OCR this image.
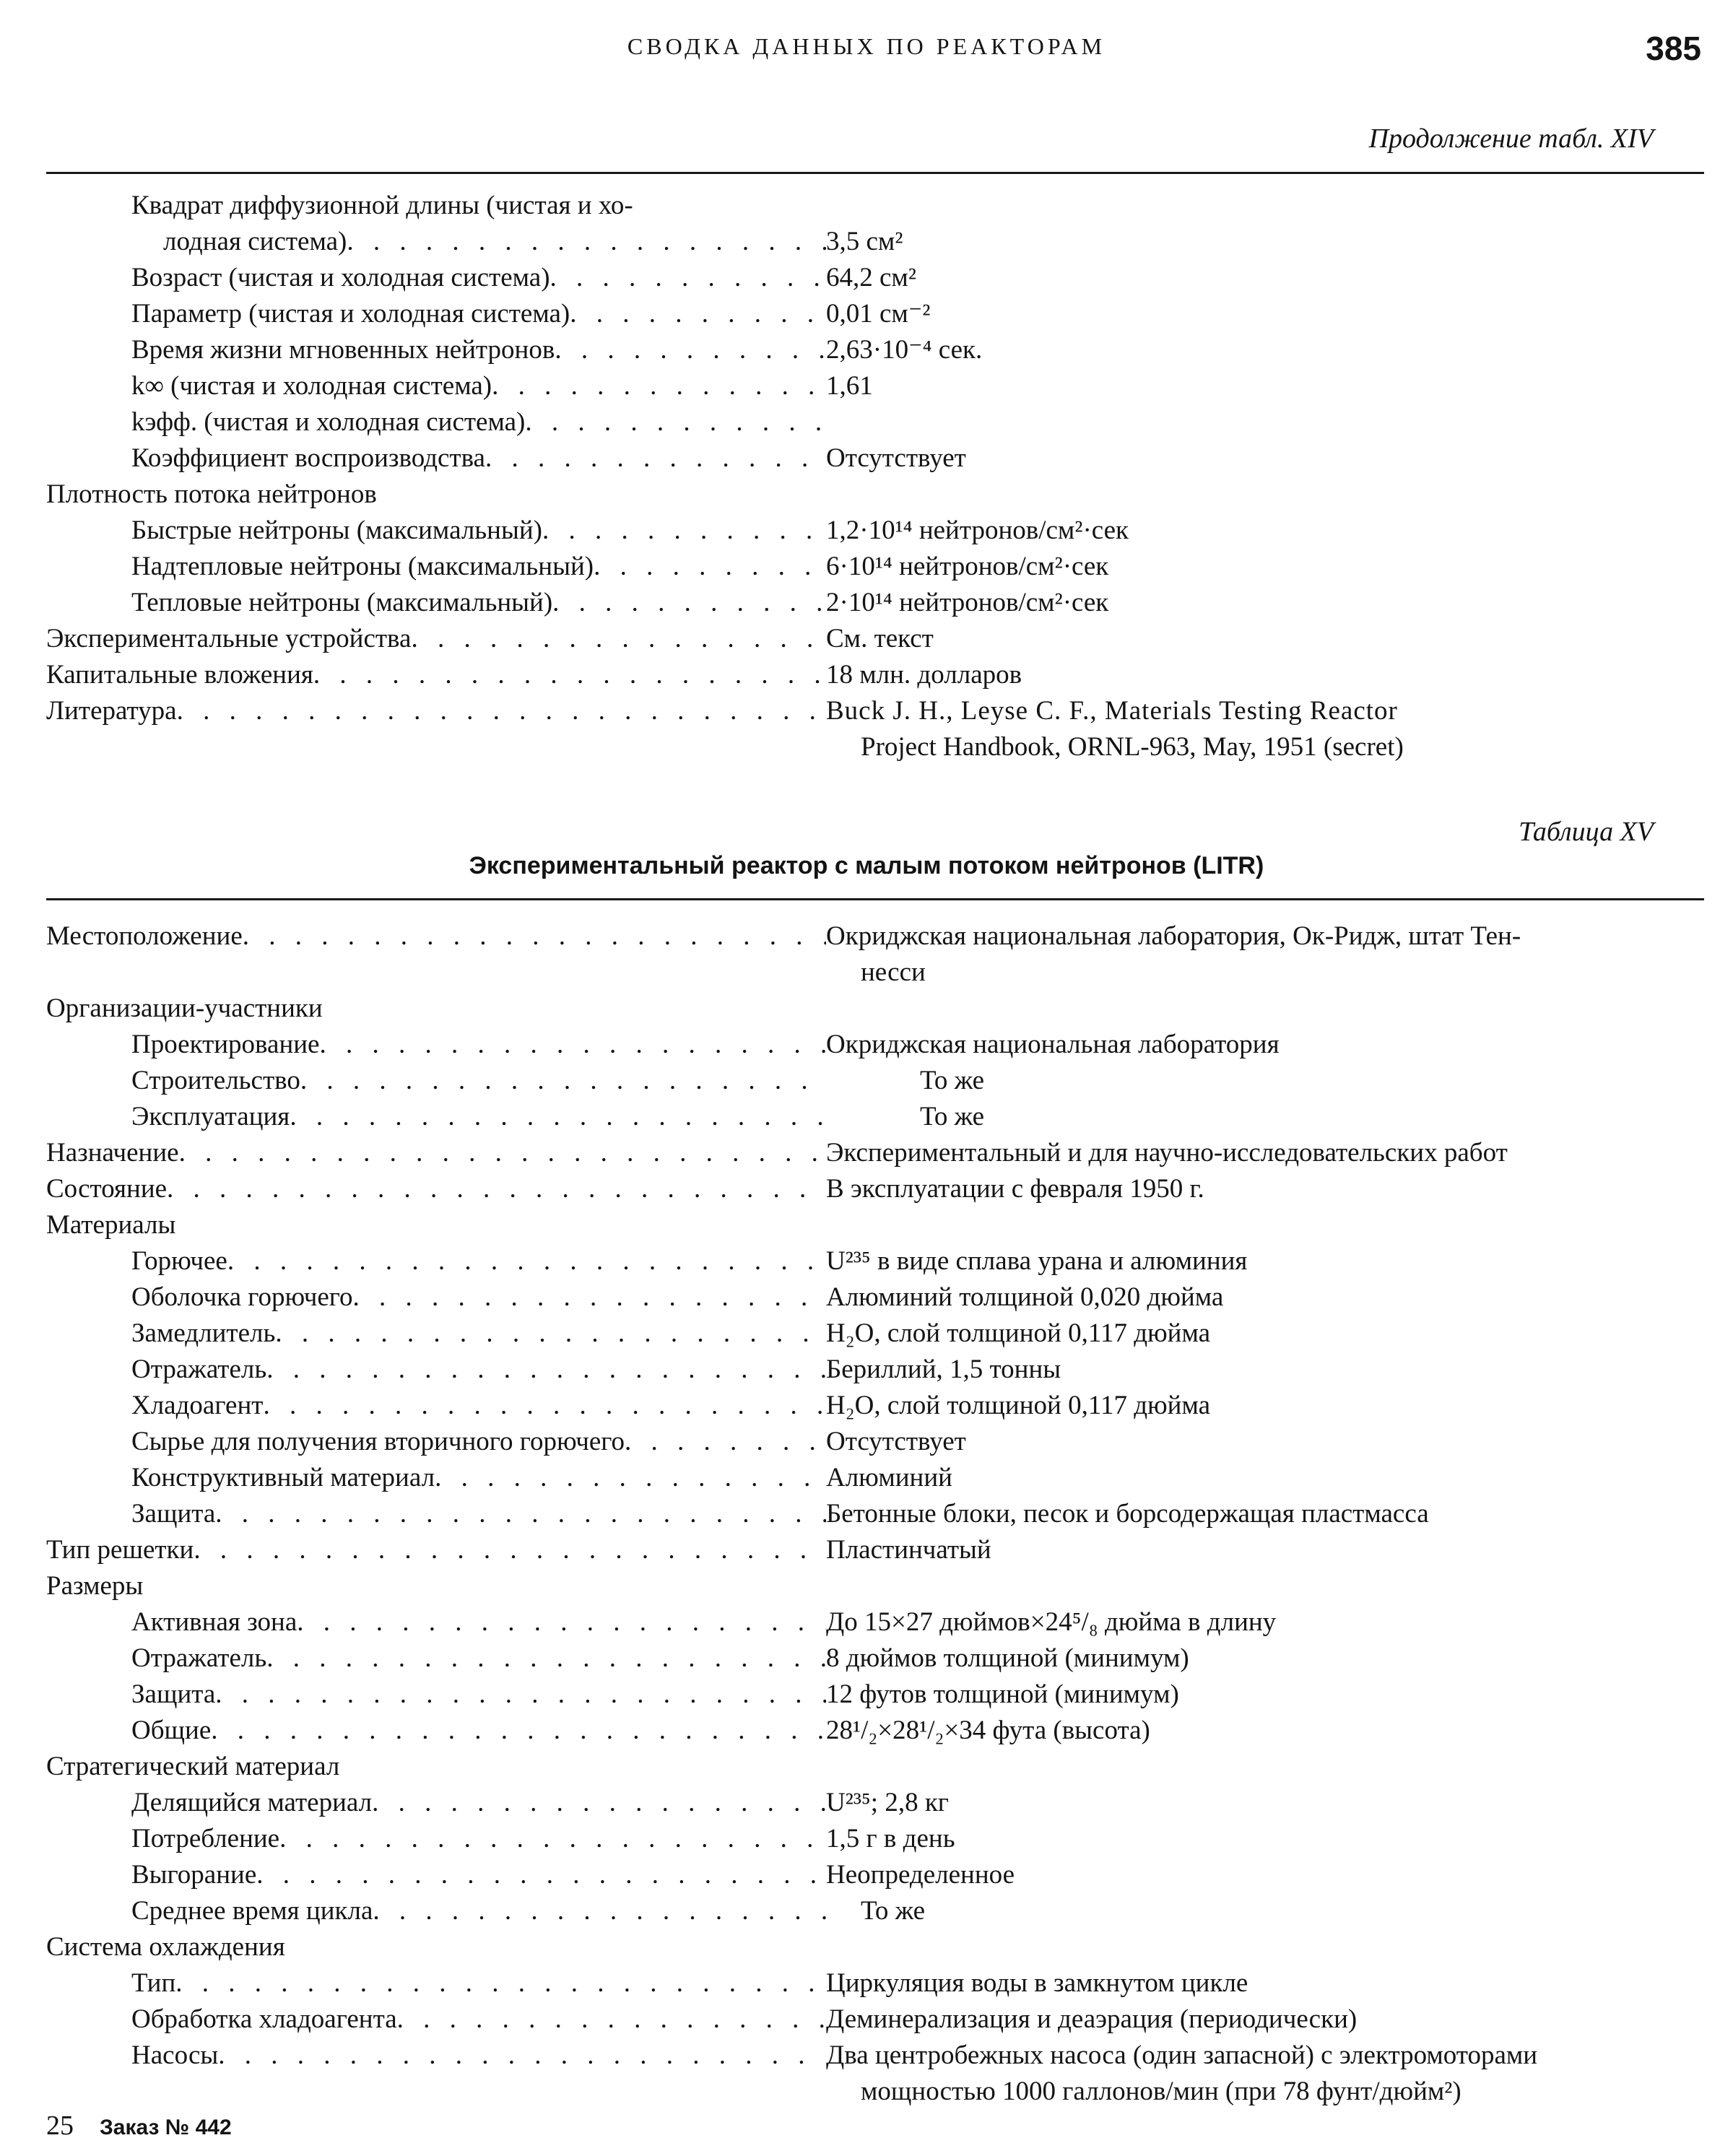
СВОДКА ДАННЫХ ПО РЕАКТОРАМ	385
Продолжение табл. XIV
Квадрат диффузионной длины (чистая и хо-
лодная система) . . .	3,5 см²
Возраст (чистая и холодная система) . . .	64,2 см²
Параметр (чистая и холодная система) . . .	0,01 см⁻²
Время жизни мгновенных нейтронов . . .	2,63·10⁻⁴ сек.
k∞ (чистая и холодная система) . . .	1,61
kэфф. (чистая и холодная система)
. . .
Коэффициент воспроизводства . . .	Отсутствует
Плотность потока нейтронов
Быстрые нейтроны (максимальный) . . .	1,2·10¹⁴ нейтронов/см²·сек
Надтепловые нейтроны (максимальный) . . .	6·10¹⁴ нейтронов/см²·сек
Тепловые нейтроны (максимальный) . . .	2·10¹⁴ нейтронов/см²·сек
Экспериментальные устройства . . .	См. текст
Капитальные вложения . . .	18 млн. долларов
Литература . . .	Buck J. H., Leyse C. F., Materials Testing Reactor
Project Handbook, ORNL-963, May, 1951 (secret)
Таблица XV
Экспериментальный реактор с малым потоком нейтронов (LITR)
Местоположение . . .	Окриджская национальная лаборатория, Ок-Ридж, штат Тен-
несси
Организации-участники
Проектирование . . .	Окриджская национальная лаборатория
Строительство . . .	То же
Эксплуатация . . .	То же
Назначение . . .	Экспериментальный и для научно-исследовательских работ
Состояние . . .	В эксплуатации с февраля 1950 г.
Материалы
Горючее . . .	U²³⁵ в виде сплава урана и алюминия
Оболочка горючего . . .	Алюминий толщиной 0,020 дюйма
Замедлитель . . .	H₂O, слой толщиной 0,117 дюйма
Отражатель . . .	Бериллий, 1,5 тонны
Хладоагент . . .	H₂O, слой толщиной 0,117 дюйма
Сырье для получения вторичного горючего . . .	Отсутствует
Конструктивный материал . . .	Алюминий
Защита . . .	Бетонные блоки, песок и борсодержащая пластмасса
Тип решетки . . .	Пластинчатый
Размеры
Активная зона . . .	До 15×27 дюймов×24⁵/₈ дюйма в длину
Отражатель . . .	8 дюймов толщиной (минимум)
Защита . . .	12 футов толщиной (минимум)
Общие . . .	28¹/₂×28¹/₂×34 фута (высота)
Стратегический материал
Делящийся материал . . .	U²³⁵; 2,8 кг
Потребление . . .	1,5 г в день
Выгорание . . .	Неопределенное
Среднее время цикла . . .	То же
Система охлаждения
Тип . . .	Циркуляция воды в замкнутом цикле
Обработка хладоагента . . .	Деминерализация и деаэрация (периодически)
Насосы . . .	Два центробежных насоса (один запасной) с электромоторами
мощностью 1000 галлонов/мин (при 78 фунт/дюйм²)
25 Заказ № 442
